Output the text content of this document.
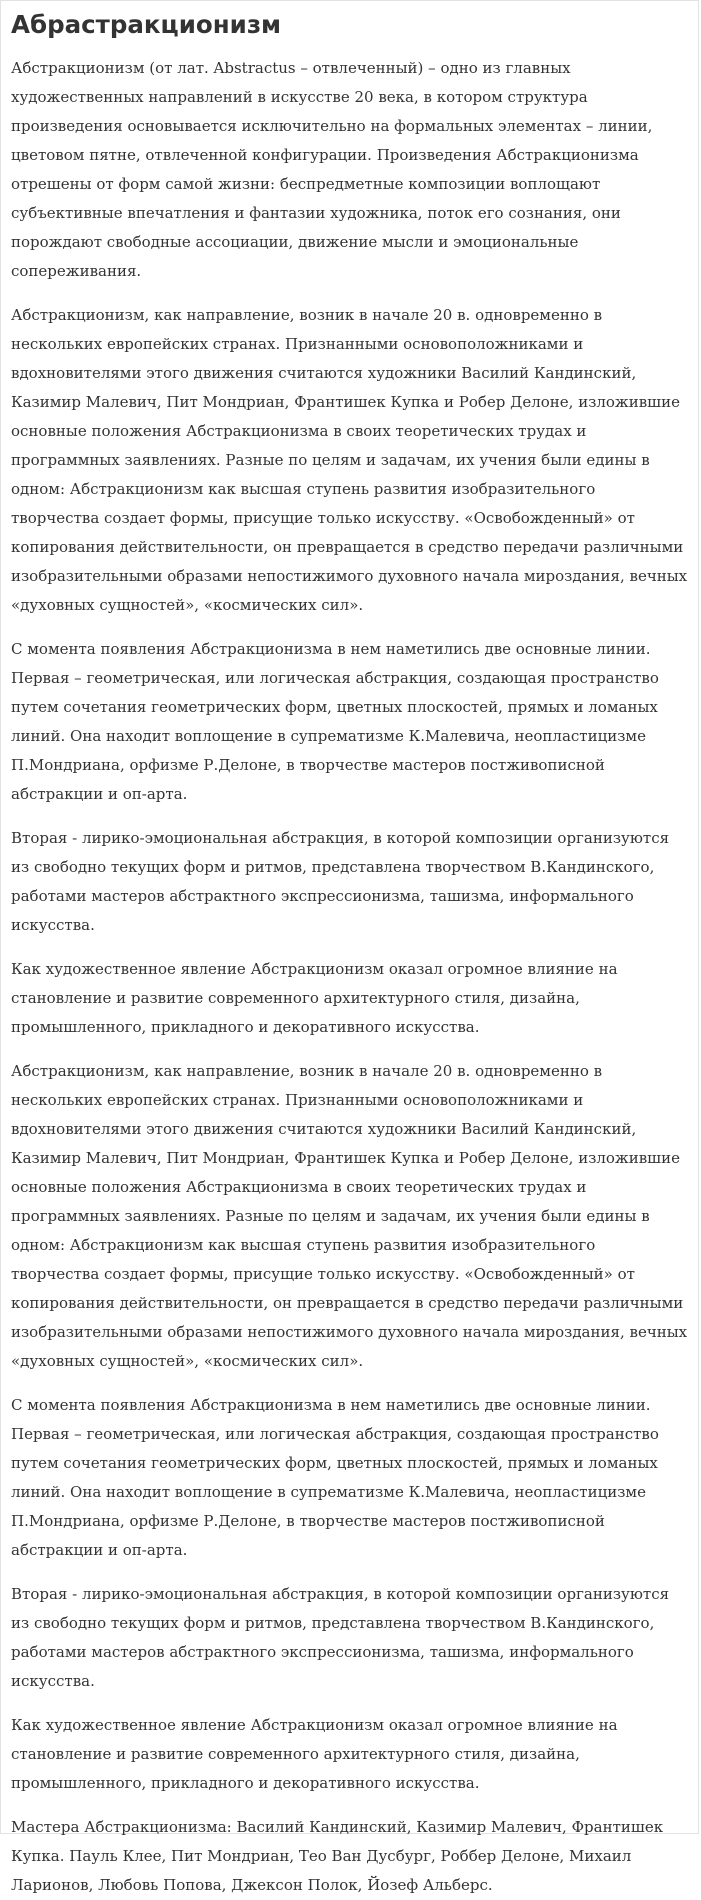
Абрастракционизм

Абстракционизм (от лат. Abstractus – отвлеченный) – одно из главных художественных направлений в искусстве 20 века, в котором структура произведения основывается исключительно на формальных элементах – линии, цветовом пятне, отвлеченной конфигурации. Произведения Абстракционизма отрешены от форм самой жизни: беспредметные композиции воплощают субъективные впечатления и фантазии художника, поток его сознания, они порождают свободные ассоциации, движение мысли и эмоциональные сопереживания.

Абстракционизм, как направление, возник в начале 20 в. одновременно в нескольких европейских странах. Признанными основоположниками и вдохновителями этого движения считаются художники Василий Кандинский, Казимир Малевич, Пит Мондриан, Франтишек Купка и Робер Делоне, изложившие основные положения Абстракционизма в своих теоретических трудах и программных заявлениях. Разные по целям и задачам, их учения были едины в одном: Абстракционизм как высшая ступень развития изобразительного творчества создает формы, присущие только искусству. «Освобожденный» от копирования действительности, он превращается в средство передачи различными изобразительными образами непостижимого духовного начала мироздания, вечных «духовных сущностей», «космических сил».

С момента появления Абстракционизма в нем наметились две основные линии. Первая – геометрическая, или логическая абстракция, создающая пространство путем сочетания геометрических форм, цветных плоскостей, прямых и ломаных линий. Она находит воплощение в супрематизме К.Малевича, неопластицизме П.Мондриана, орфизме Р.Делоне, в творчестве мастеров постживописной абстракции и оп-арта.

Вторая - лирико-эмоциональная абстракция, в которой композиции организуются из свободно текущих форм и ритмов, представлена творчеством В.Кандинского, работами мастеров абстрактного экспрессионизма, ташизма, информального искусства.

Как художественное явление Абстракционизм оказал огромное влияние на становление и развитие современного архитектурного стиля, дизайна, промышленного, прикладного и декоративного искусства.

Абстракционизм, как направление, возник в начале 20 в. одновременно в нескольких европейских странах. Признанными основоположниками и вдохновителями этого движения считаются художники Василий Кандинский, Казимир Малевич, Пит Мондриан, Франтишек Купка и Робер Делоне, изложившие основные положения Абстракционизма в своих теоретических трудах и программных заявлениях. Разные по целям и задачам, их учения были едины в одном: Абстракционизм как высшая ступень развития изобразительного творчества создает формы, присущие только искусству. «Освобожденный» от копирования действительности, он превращается в средство передачи различными изобразительными образами непостижимого духовного начала мироздания, вечных «духовных сущностей», «космических сил».

С момента появления Абстракционизма в нем наметились две основные линии. Первая – геометрическая, или логическая абстракция, создающая пространство путем сочетания геометрических форм, цветных плоскостей, прямых и ломаных линий. Она находит воплощение в супрематизме К.Малевича, неопластицизме П.Мондриана, орфизме Р.Делоне, в творчестве мастеров постживописной абстракции и оп-арта.

Вторая - лирико-эмоциональная абстракция, в которой композиции организуются из свободно текущих форм и ритмов, представлена творчеством В.Кандинского, работами мастеров абстрактного экспрессионизма, ташизма, информального искусства.

Как художественное явление Абстракционизм оказал огромное влияние на становление и развитие современного архитектурного стиля, дизайна, промышленного, прикладного и декоративного искусства.

Мастера Абстракционизма: Василий Кандинский, Казимир Малевич, Франтишек Купка. Пауль Клее, Пит Мондриан, Тео Ван Дусбург, Роббер Делоне, Михаил Ларионов, Любовь Попова, Джексон Полок, Йозеф Альберс.
